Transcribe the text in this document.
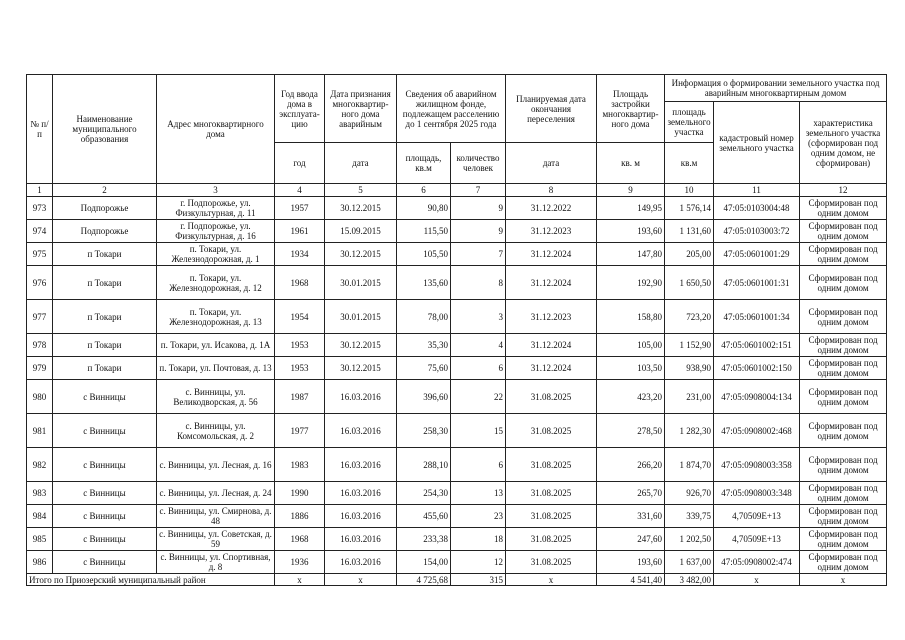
№ п/п	Наименование муниципального образования	Адрес многоквартирного дома	Год ввода дома в эксплуата-цию	Дата признания многоквартир-ного дома аварийным	Сведения об аварийном жилищном фонде, подлежащем расселению до 1 сентября 2025 года		Планируемая дата окончания переселения	Площадь застройки многоквартир-ного дома	Информация о формировании земельного участка под аварийным многоквартирным домом		
									площадь земельного участка	кадастровый номер земельного участка	характеристика земельного участка (сформирован под одним домом, не сформирован)
			год	дата	площадь, кв.м	количество человек	дата	кв. м	кв.м		
1	2	3	4	5	6	7	8	9	10	11	12
973	Подпорожье	г. Подпорожье, ул. Физкультурная, д. 11	1957	30.12.2015	90,80	9	31.12.2022	149,95	1 576,14	47:05:0103004:48	Сформирован под одним домом
974	Подпорожье	г. Подпорожье, ул. Физкультурная, д. 16	1961	15.09.2015	115,50	9	31.12.2023	193,60	1 131,60	47:05:0103003:72	Сформирован под одним домом
975	п Токари	п. Токари, ул. Железнодорожная, д. 1	1934	30.12.2015	105,50	7	31.12.2024	147,80	205,00	47:05:0601001:29	Сформирован под одним домом
976	п Токари	п. Токари, ул. Железнодорожная, д. 12	1968	30.01.2015	135,60	8	31.12.2024	192,90	1 650,50	47:05:0601001:31	Сформирован под одним домом
977	п Токари	п. Токари, ул. Железнодорожная, д. 13	1954	30.01.2015	78,00	3	31.12.2023	158,80	723,20	47:05:0601001:34	Сформирован под одним домом
978	п Токари	п. Токари, ул. Исакова, д. 1А	1953	30.12.2015	35,30	4	31.12.2024	105,00	1 152,90	47:05:0601002:151	Сформирован под одним домом
979	п Токари	п. Токари, ул. Почтовая, д. 13	1953	30.12.2015	75,60	6	31.12.2024	103,50	938,90	47:05:0601002:150	Сформирован под одним домом
980	с Винницы	с. Винницы, ул. Великодворская, д. 56	1987	16.03.2016	396,60	22	31.08.2025	423,20	231,00	47:05:0908004:134	Сформирован под одним домом
981	с Винницы	с. Винницы, ул. Комсомольская, д. 2	1977	16.03.2016	258,30	15	31.08.2025	278,50	1 282,30	47:05:0908002:468	Сформирован под одним домом
982	с Винницы	с. Винницы, ул. Лесная, д. 16	1983	16.03.2016	288,10	6	31.08.2025	266,20	1 874,70	47:05:0908003:358	Сформирован под одним домом
983	с Винницы	с. Винницы, ул. Лесная, д. 24	1990	16.03.2016	254,30	13	31.08.2025	265,70	926,70	47:05:0908003:348	Сформирован под одним домом
984	с Винницы	с. Винницы, ул. Смирнова, д. 48	1886	16.03.2016	455,60	23	31.08.2025	331,60	339,75	4,70509E+13	Сформирован под одним домом
985	с Винницы	с. Винницы, ул. Советская, д. 59	1968	16.03.2016	233,38	18	31.08.2025	247,60	1 202,50	4,70509E+13	Сформирован под одним домом
986	с Винницы	с. Винницы, ул. Спортивная, д. 8	1936	16.03.2016	154,00	12	31.08.2025	193,60	1 637,00	47:05:0908002:474	Сформирован под одним домом
Итого по Приозерский муниципальный район			х	х	4 725,68	315	х	4 541,40	3 482,00	х	х
